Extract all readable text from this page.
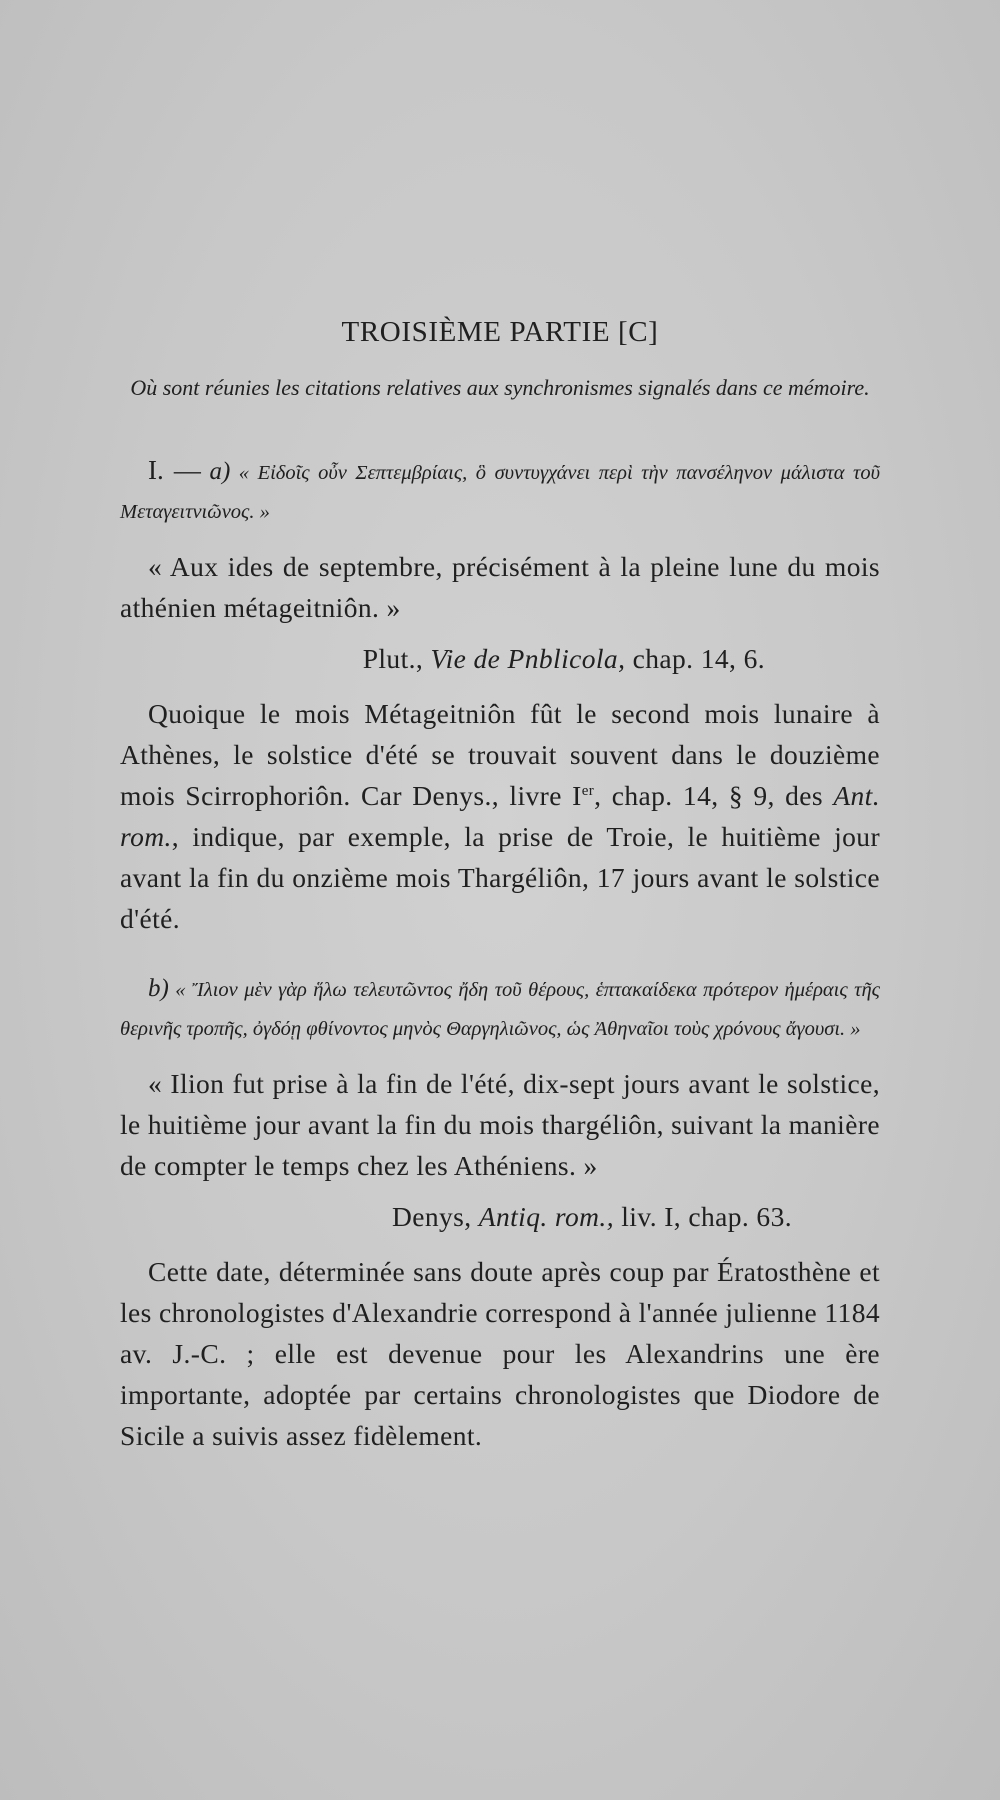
TROISIÈME PARTIE [C]
Où sont réunies les citations relatives aux synchronismes signalés dans ce mémoire.

I. — a) « Εἰδοῖς οὖν Σεπτεμβρίαις, ὃ συντυγχάνει περὶ τὴν πανσέληνον μάλιστα τοῦ Μεταγειτνιῶνος. »

« Aux ides de septembre, précisément à la pleine lune du mois athénien métageitniôn. »

Plut., Vie de Pnblicola, chap. 14, 6.

Quoique le mois Métageitniôn fût le second mois lunaire à Athènes, le solstice d'été se trouvait souvent dans le douzième mois Scirrophoriôn. Car Denys., livre Ier, chap. 14, § 9, des Ant. rom., indique, par exemple, la prise de Troie, le huitième jour avant la fin du onzième mois Thargéliôn, 17 jours avant le solstice d'été.

b) « Ἴλιον μὲν γὰρ ἥλω τελευτῶντος ἤδη τοῦ θέρους, ἑπτακαίδεκα πρότερον ἡμέραις τῆς θερινῆς τροπῆς, ὀγδόῃ φθίνοντος μηνὸς Θαργηλιῶνος, ὡς Ἀθηναῖοι τοὺς χρόνους ἄγουσι. »

« Ilion fut prise à la fin de l'été, dix-sept jours avant le solstice, le huitième jour avant la fin du mois thargéliôn, suivant la manière de compter le temps chez les Athéniens. »

Denys, Antiq. rom., liv. I, chap. 63.

Cette date, déterminée sans doute après coup par Ératosthène et les chronologistes d'Alexandrie correspond à l'année julienne 1184 av. J.-C. ; elle est devenue pour les Alexandrins une ère importante, adoptée par certains chronologistes que Diodore de Sicile a suivis assez fidèlement.
